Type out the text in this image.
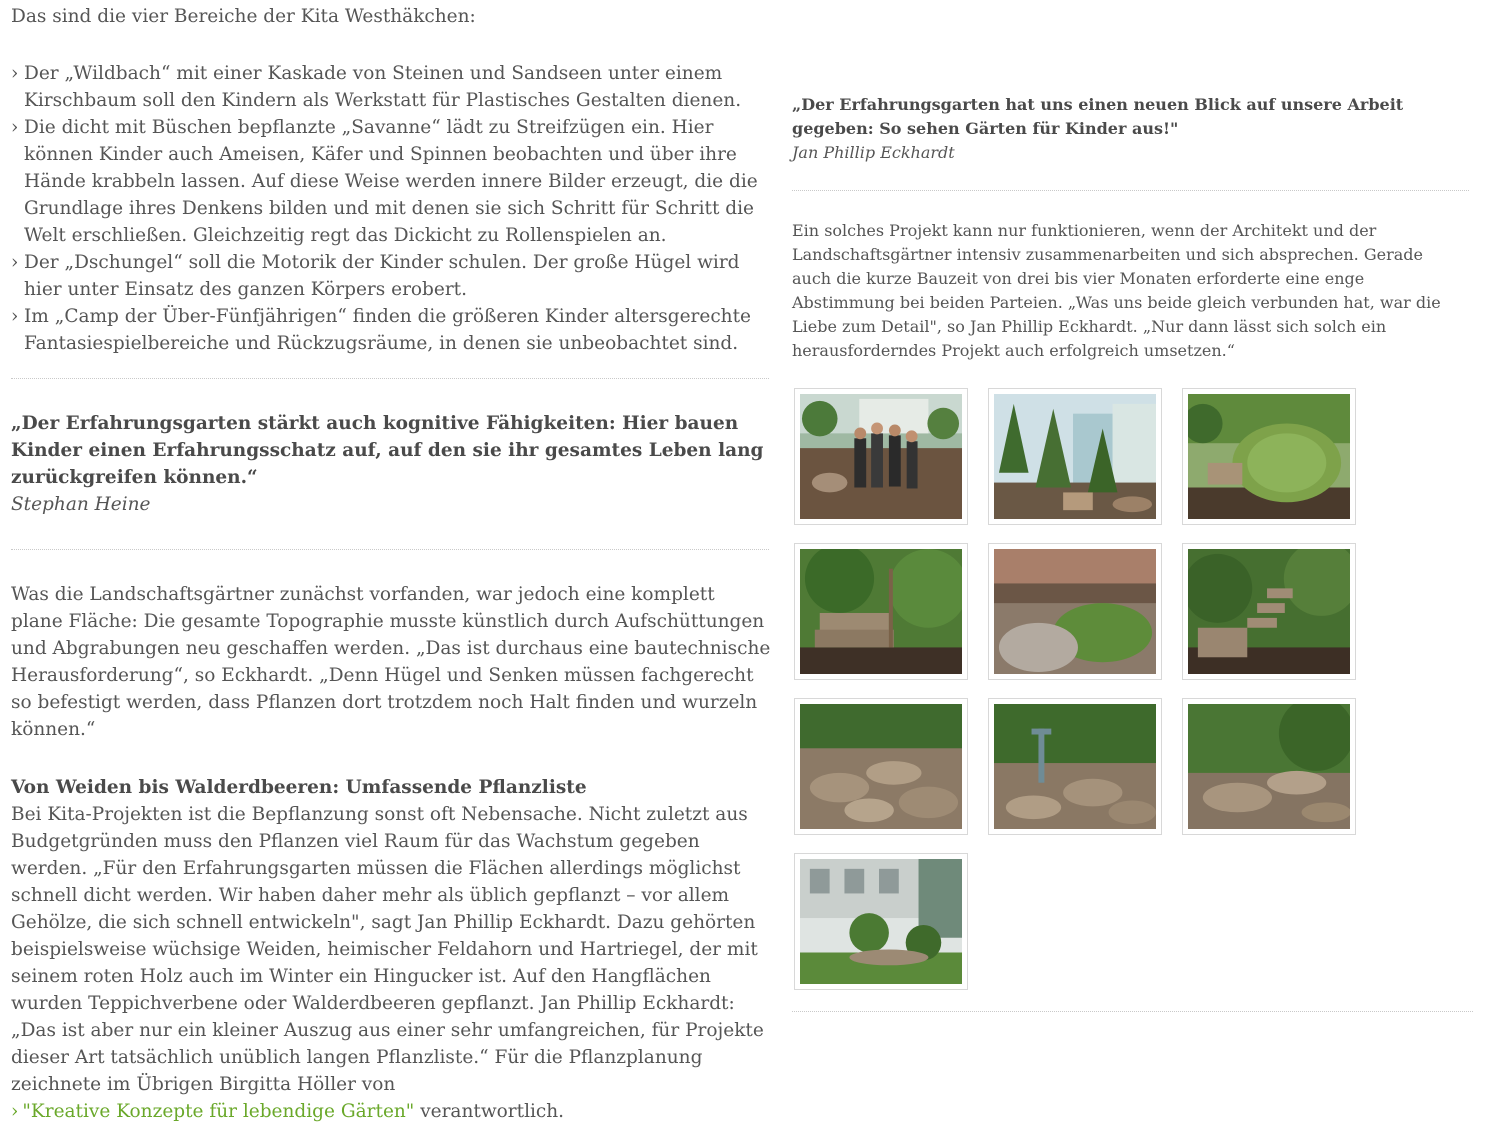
Das sind die vier Bereiche der Kita Westhäkchen:

› Der „Wildbach“ mit einer Kaskade von Steinen und Sandseen unter einem Kirschbaum soll den Kindern als Werkstatt für Plastisches Gestalten dienen.
› Die dicht mit Büschen bepflanzte „Savanne“ lädt zu Streifzügen ein. Hier können Kinder auch Ameisen, Käfer und Spinnen beobachten und über ihre Hände krabbeln lassen. Auf diese Weise werden innere Bilder erzeugt, die die Grundlage ihres Denkens bilden und mit denen sie sich Schritt für Schritt die Welt erschließen. Gleichzeitig regt das Dickicht zu Rollenspielen an.
› Der „Dschungel“ soll die Motorik der Kinder schulen. Der große Hügel wird hier unter Einsatz des ganzen Körpers erobert.
› Im „Camp der Über-Fünfjährigen“ finden die größeren Kinder altersgerechte Fantasiespielbereiche und Rückzugsräume, in denen sie unbeobachtet sind.

„Der Erfahrungsgarten stärkt auch kognitive Fähigkeiten: Hier bauen Kinder einen Erfahrungsschatz auf, auf den sie ihr gesamtes Leben lang zurückgreifen können.“

Stephan Heine

Was die Landschaftsgärtner zunächst vorfanden, war jedoch eine komplett plane Fläche: Die gesamte Topographie musste künstlich durch Aufschüttungen und Abgrabungen neu geschaffen werden. „Das ist durchaus eine bautechnische Herausforderung“, so Eckhardt. „Denn Hügel und Senken müssen fachgerecht so befestigt werden, dass Pflanzen dort trotzdem noch Halt finden und wurzeln können.“

Von Weiden bis Walderdbeeren: Umfassende Pflanzliste

Bei Kita-Projekten ist die Bepflanzung sonst oft Nebensache. Nicht zuletzt aus Budgetgründen muss den Pflanzen viel Raum für das Wachstum gegeben werden. „Für den Erfahrungsgarten müssen die Flächen allerdings möglichst schnell dicht werden. Wir haben daher mehr als üblich gepflanzt – vor allem Gehölze, die sich schnell entwickeln", sagt Jan Phillip Eckhardt. Dazu gehörten beispielsweise wüchsige Weiden, heimischer Feldahorn und Hartriegel, der mit seinem roten Holz auch im Winter ein Hingucker ist. Auf den Hangflächen wurden Teppichverbene oder Walderdbeeren gepflanzt. Jan Phillip Eckhardt: „Das ist aber nur ein kleiner Auszug aus einer sehr umfangreichen, für Projekte dieser Art tatsächlich unüblich langen Pflanzliste.“ Für die Pflanzplanung zeichnete im Übrigen Birgitta Höller von
› "Kreative Konzepte für lebendige Gärten" verantwortlich.

„Der Erfahrungsgarten hat uns einen neuen Blick auf unsere Arbeit gegeben: So sehen Gärten für Kinder aus!"

Jan Phillip Eckhardt

Ein solches Projekt kann nur funktionieren, wenn der Architekt und der Landschaftsgärtner intensiv zusammenarbeiten und sich absprechen. Gerade auch die kurze Bauzeit von drei bis vier Monaten erforderte eine enge Abstimmung bei beiden Parteien. „Was uns beide gleich verbunden hat, war die Liebe zum Detail", so Jan Phillip Eckhardt. „Nur dann lässt sich solch ein herausforderndes Projekt auch erfolgreich umsetzen.“
